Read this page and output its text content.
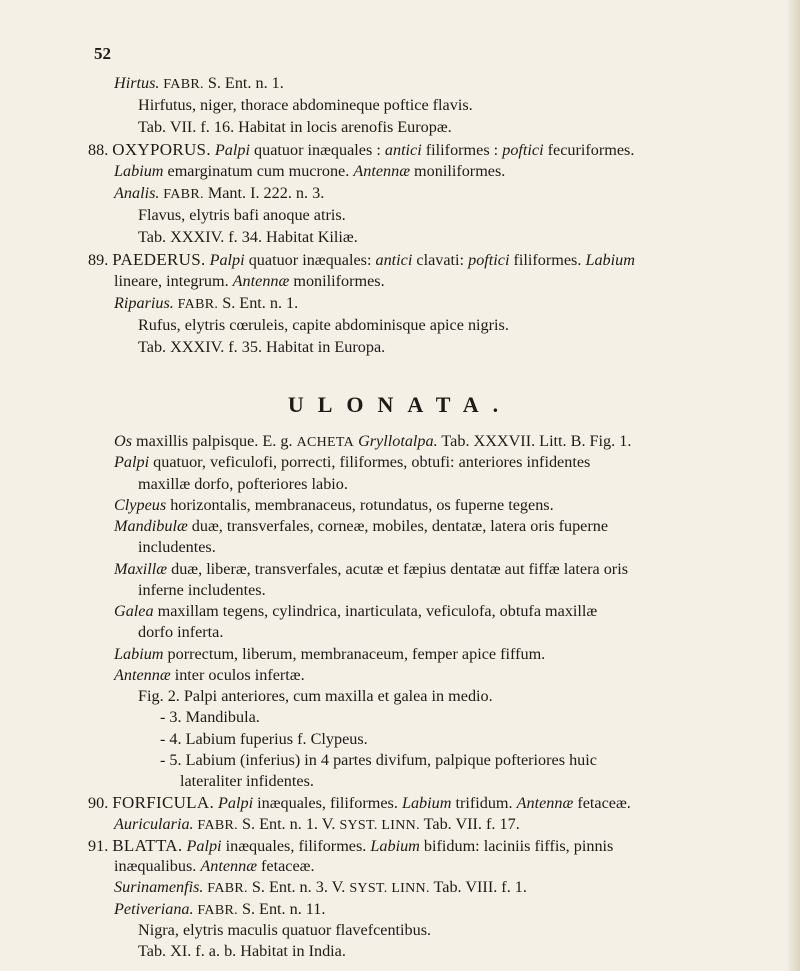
52
Hirtus. FABR. S. Ent. n. 1.
Hirfutus, niger, thorace abdomineque poftice flavis.
Tab. VII. f. 16. Habitat in locis arenofis Europæ.
88. OXYPORUS. Palpi quatuor inæquales : antici filiformes : poftici fecuriformes.
Labium emarginatum cum mucrone. Antennæ moniliformes.
Analis. FABR. Mant. I. 222. n. 3.
Flavus, elytris bafi anoque atris.
Tab. XXXIV. f. 34. Habitat Kiliæ.
89. PAEDERUS. Palpi quatuor inæquales: antici clavati: poftici filiformes. Labium
lineare, integrum. Antennæ moniliformes.
Riparius. FABR. S. Ent. n. 1.
Rufus, elytris cœruleis, capite abdominisque apice nigris.
Tab. XXXIV. f. 35. Habitat in Europa.
Os maxillis palpisque. E. g. ACHETA Gryllotalpa. Tab. XXXVII. Litt. B. Fig. 1.
Palpi quatuor, veficulofi, porrecti, filiformes, obtufi: anteriores infidentes
maxillæ dorfo, pofteriores labio.
Clypeus horizontalis, membranaceus, rotundatus, os fuperne tegens.
Mandibulæ duæ, transverfales, corneæ, mobiles, dentatæ, latera oris fuperne
includentes.
Maxillæ duæ, liberæ, transverfales, acutæ et fæpius dentatæ aut fiffæ latera oris
inferne includentes.
Galea maxillam tegens, cylindrica, inarticulata, veficulofa, obtufa maxillæ
dorfo inferta.
Labium porrectum, liberum, membranaceum, femper apice fiffum.
Antennæ inter oculos infertæ.
Fig. 2. Palpi anteriores, cum maxilla et galea in medio.
- 3. Mandibula.
- 4. Labium fuperius f. Clypeus.
- 5. Labium (inferius) in 4 partes divifum, palpique pofteriores huic
lateraliter infidentes.
90. FORFICULA. Palpi inæquales, filiformes. Labium trifidum. Antennæ fetaceæ.
Auricularia. FABR. S. Ent. n. 1. V. SYST. LINN. Tab. VII. f. 17.
91. BLATTA. Palpi inæquales, filiformes. Labium bifidum: laciniis fiffis, pinnis
inæqualibus. Antennæ fetaceæ.
Surinamenfis. FABR. S. Ent. n. 3. V. SYST. LINN. Tab. VIII. f. 1.
Petiveriana. FABR. S. Ent. n. 11.
Nigra, elytris maculis quatuor flavefcentibus.
Tab. XI. f. a. b. Habitat in India.
ULONATA.
